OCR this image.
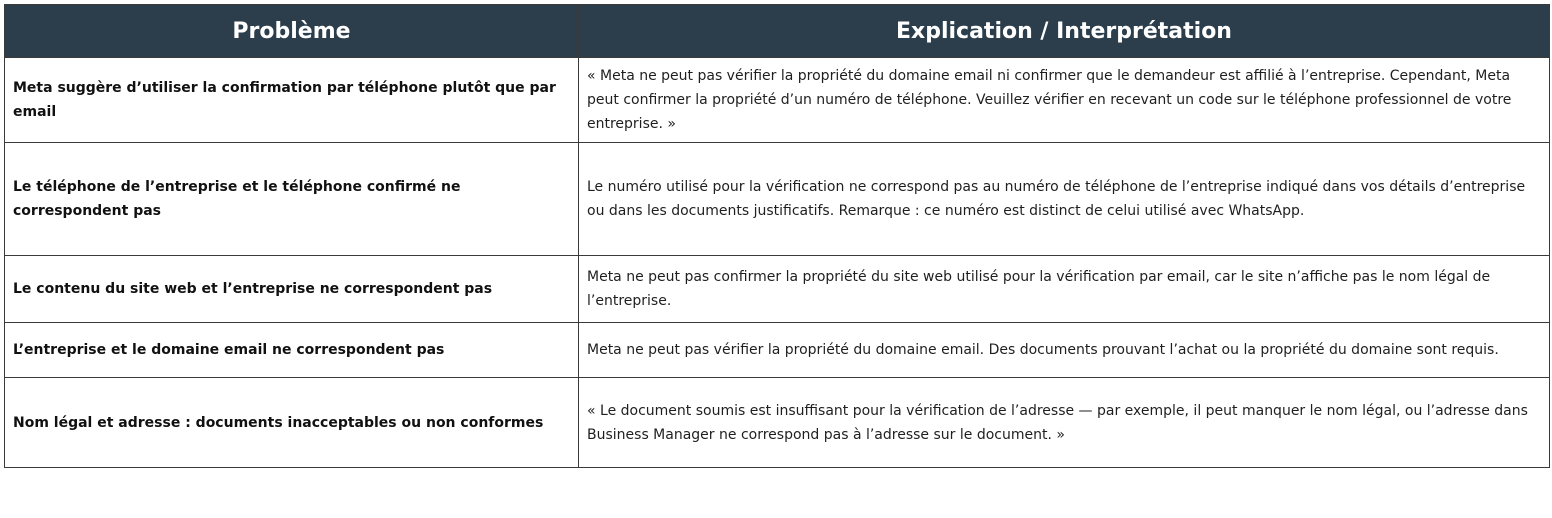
Problème	Explication / Interprétation
Meta suggère d’utiliser la confirmation par téléphone plutôt que par email	« Meta ne peut pas vérifier la propriété du domaine email ni confirmer que le demandeur est affilié à l’entreprise. Cependant, Meta peut confirmer la propriété d’un numéro de téléphone. Veuillez vérifier en recevant un code sur le téléphone professionnel de votre entreprise. »
Le téléphone de l’entreprise et le téléphone confirmé ne correspondent pas	Le numéro utilisé pour la vérification ne correspond pas au numéro de téléphone de l’entreprise indiqué dans vos détails d’entreprise ou dans les documents justificatifs. Remarque : ce numéro est distinct de celui utilisé avec WhatsApp.
Le contenu du site web et l’entreprise ne correspondent pas	Meta ne peut pas confirmer la propriété du site web utilisé pour la vérification par email, car le site n’affiche pas le nom légal de l’entreprise.
L’entreprise et le domaine email ne correspondent pas	Meta ne peut pas vérifier la propriété du domaine email. Des documents prouvant l’achat ou la propriété du domaine sont requis.
Nom légal et adresse : documents inacceptables ou non conformes	« Le document soumis est insuffisant pour la vérification de l’adresse — par exemple, il peut manquer le nom légal, ou l’adresse dans Business Manager ne correspond pas à l’adresse sur le document. »
